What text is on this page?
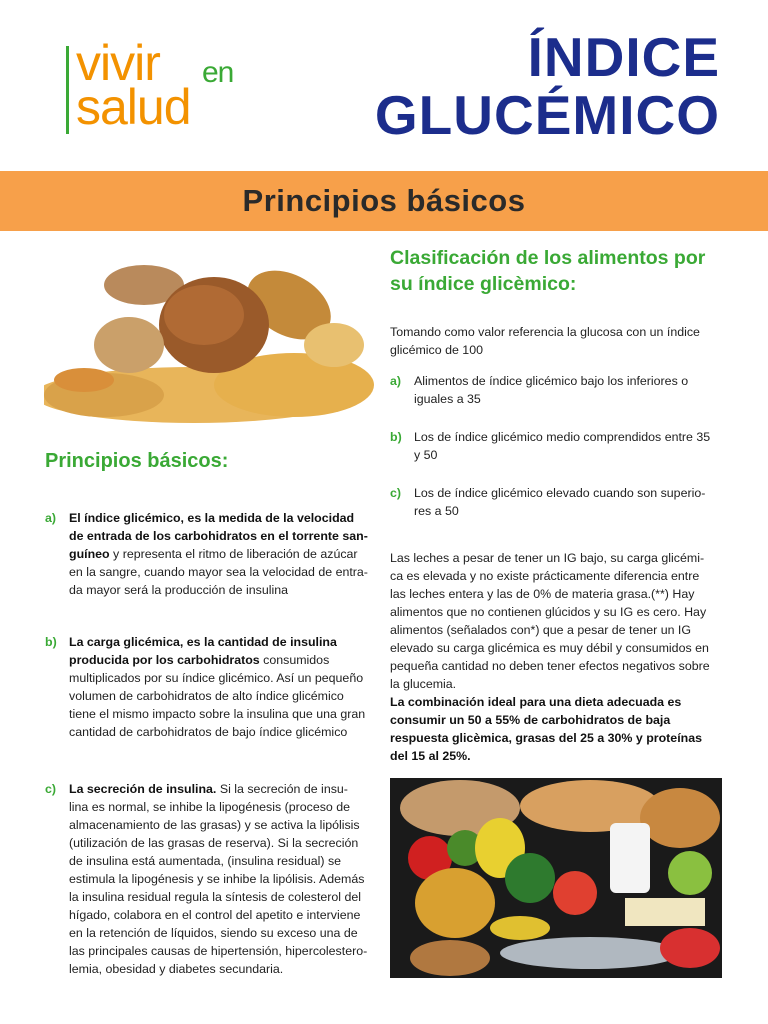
vivir en
salud
ÍNDICE
GLUCÉMICO
Principios básicos
Principios básicos:
a) El índice glicémico, es la medida de la velocidad
de entrada de los carbohidratos en el torrente san-
guíneo y representa el ritmo de liberación de azúcar
en la sangre, cuando mayor sea la velocidad de entra-
da mayor será la producción de insulina
b) La carga glicémica, es la cantidad de insulina
producida por los carbohidratos consumidos
multiplicados por su índice glicémico. Así un pequeño
volumen de carbohidratos de alto índice glicémico
tiene el mismo impacto sobre la insulina que una gran
cantidad de carbohidratos de bajo índice glicémico
c) La secreción de insulina. Si la secreción de insu-
lina es normal, se inhibe la lipogénesis (proceso de
almacenamiento de las grasas) y se activa la lipólisis
(utilización de las grasas de reserva). Si la secreción
de insulina está aumentada, (insulina residual) se
estimula la lipogénesis y se inhibe la lipólisis. Además
la insulina residual regula la síntesis de colesterol del
hígado, colabora en el control del apetito e interviene
en la retención de líquidos, siendo su exceso una de
las principales causas de hipertensión, hipercolestero-
lemia, obesidad y diabetes secundaria.
Clasificación de los alimentos por
su índice glicèmico:
Tomando como valor referencia la glucosa con un índice
glicémico de 100
a) Alimentos de índice glicémico bajo los inferiores o
iguales a 35
b) Los de índice glicémico medio comprendidos entre 35
y 50
c) Los de índice glicémico elevado cuando son superio-
res a 50
Las leches a pesar de tener un IG bajo, su carga glicémi-
ca es elevada y no existe prácticamente diferencia entre
las leches entera y las de 0% de materia grasa.(**) Hay
alimentos que no contienen glúcidos y su IG es cero. Hay
alimentos (señalados con*) que a pesar de tener un IG
elevado su carga glicémica es muy débil y consumidos en
pequeña cantidad no deben tener efectos negativos sobre
la glucemia.
La combinación ideal para una dieta adecuada es
consumir un 50 a 55% de carbohidratos de baja
respuesta glicèmica, grasas del 25 a 30% y proteínas
del 15 al 25%.
